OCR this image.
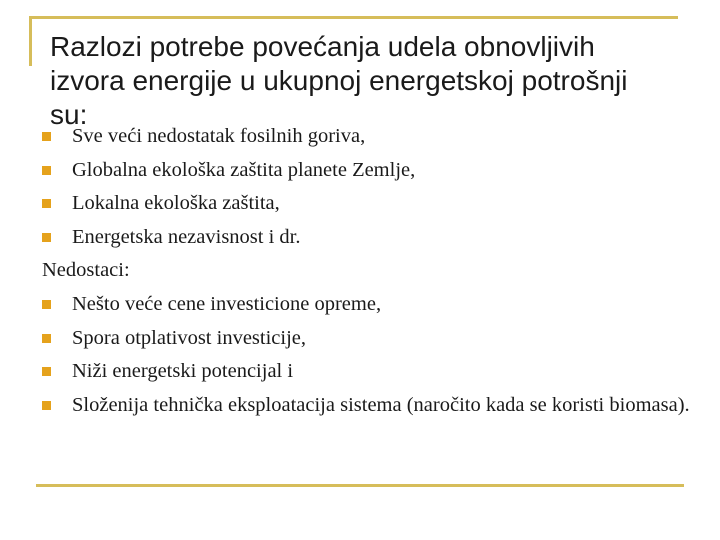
Razlozi potrebe povećanja udela obnovljivih
izvora energije u ukupnoj energetskoj potrošnji
su:
Sve veći nedostatak fosilnih goriva,
Globalna ekološka zaštita planete Zemlje,
Lokalna ekološka zaštita,
Energetska nezavisnost i dr.
Nedostaci:
Nešto veće cene investicione opreme,
Spora otplativost investicije,
Niži energetski potencijal i
Složenija tehnička eksploatacija sistema (naročito kada se koristi biomasa).
